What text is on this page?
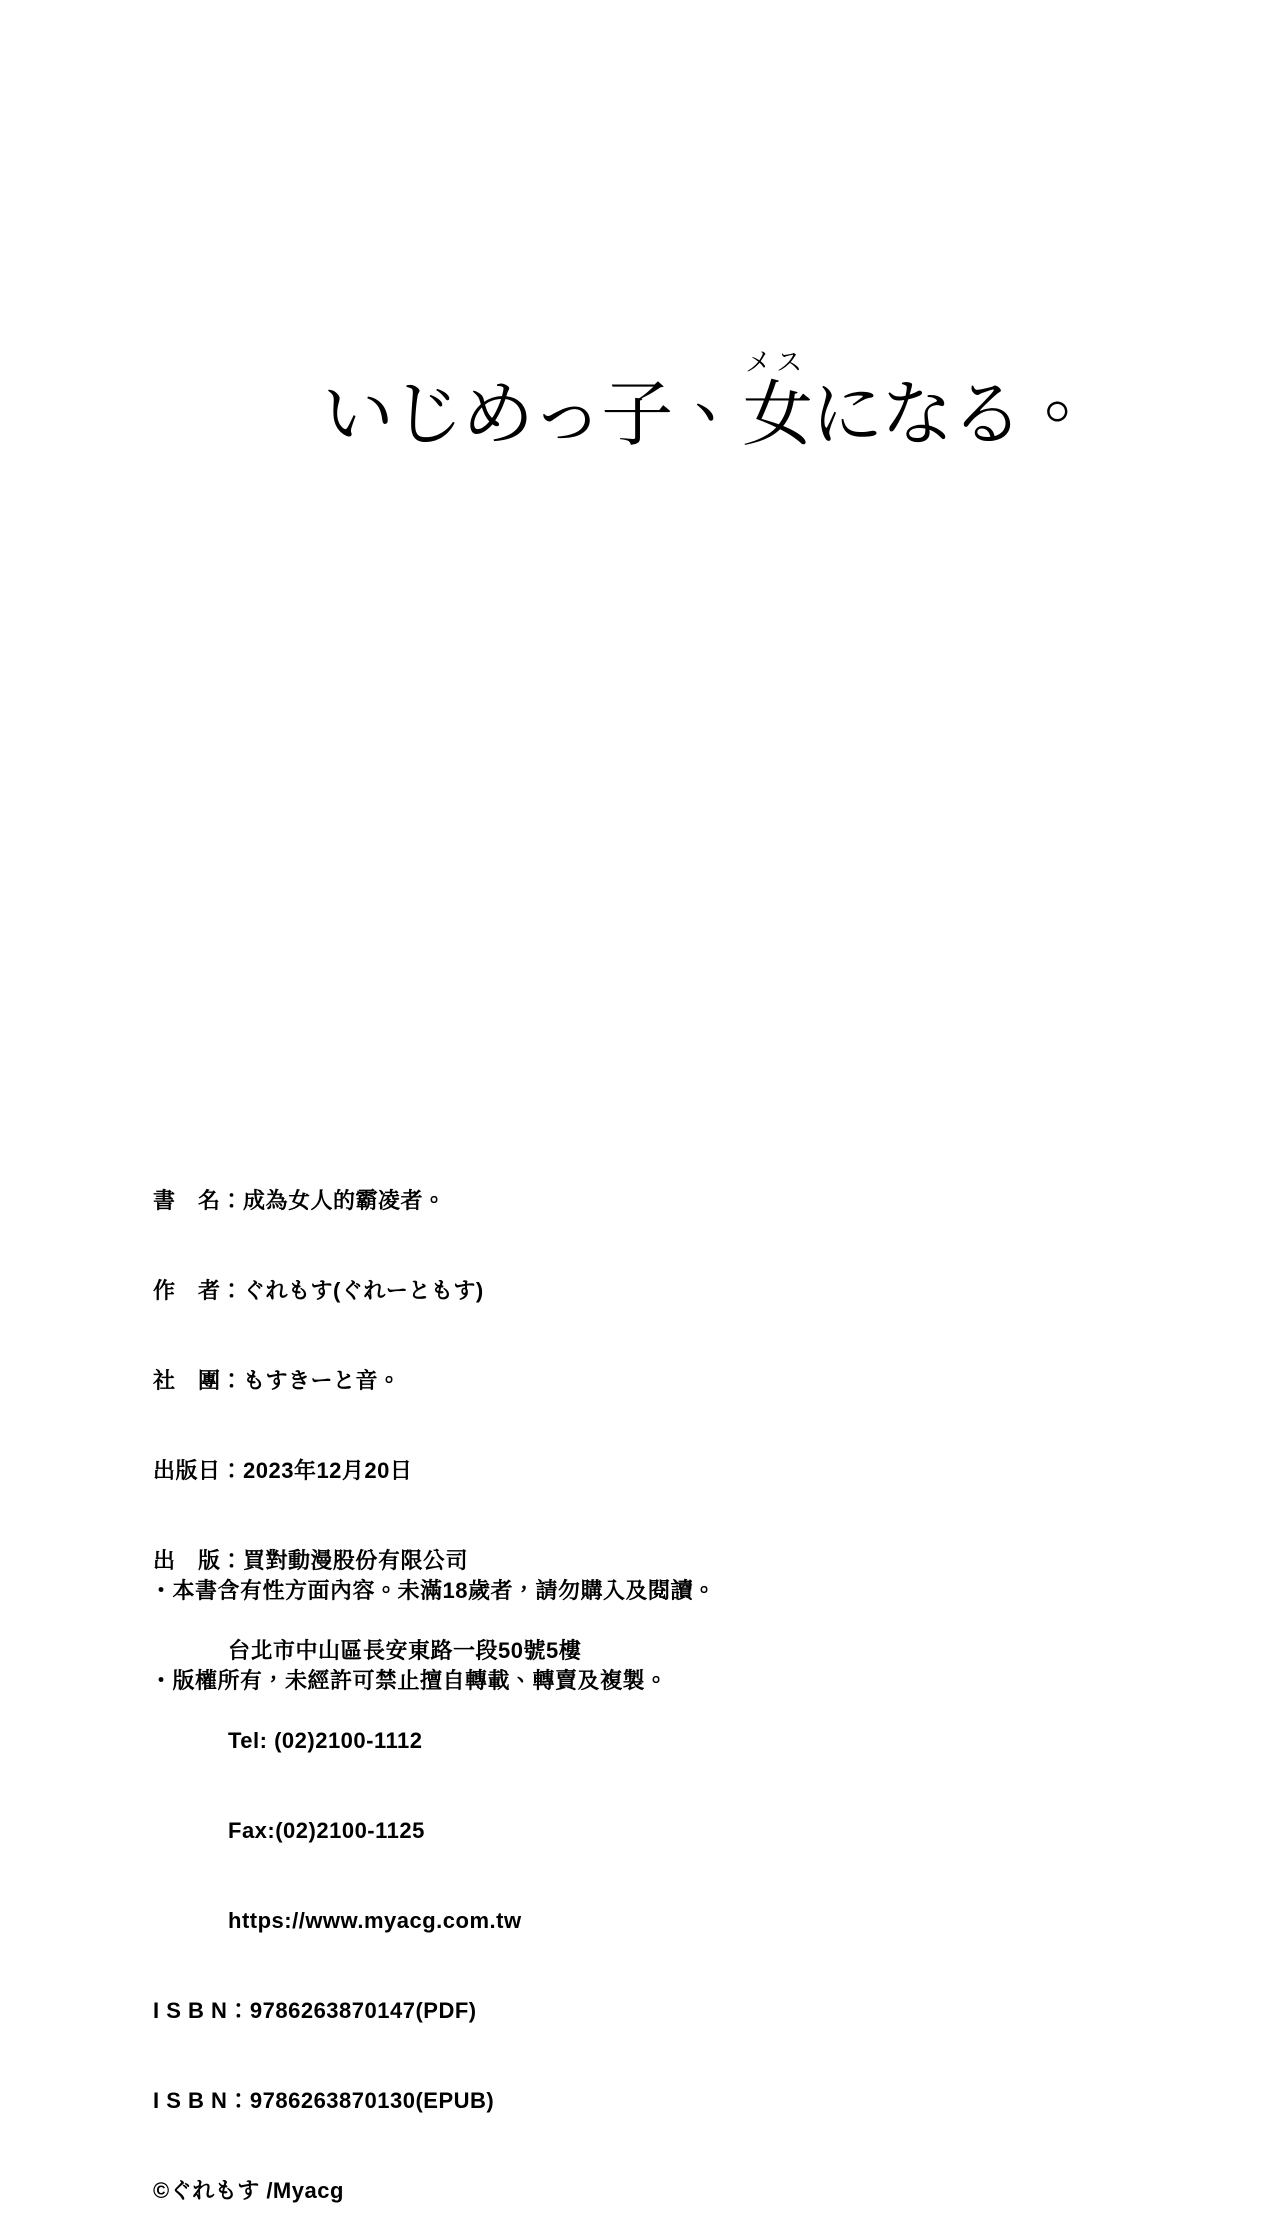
いじめっ子、女メスになる。

書　名：成為女人的霸凌者。

作　者：ぐれもす(ぐれーともす)

社　團：もすきーと音。

出版日：2023年12月20日

出　版：買對動漫股份有限公司

台北市中山區長安東路一段50號5樓

Tel: (02)2100-1112

Fax:(02)2100-1125

https://www.myacg.com.tw

I S B N：9786263870147(PDF)

I S B N：9786263870130(EPUB)

©ぐれもす /Myacg

・本書含有性方面內容。未滿18歲者，請勿購入及閱讀。

・版權所有，未經許可禁止擅自轉載、轉賣及複製。
